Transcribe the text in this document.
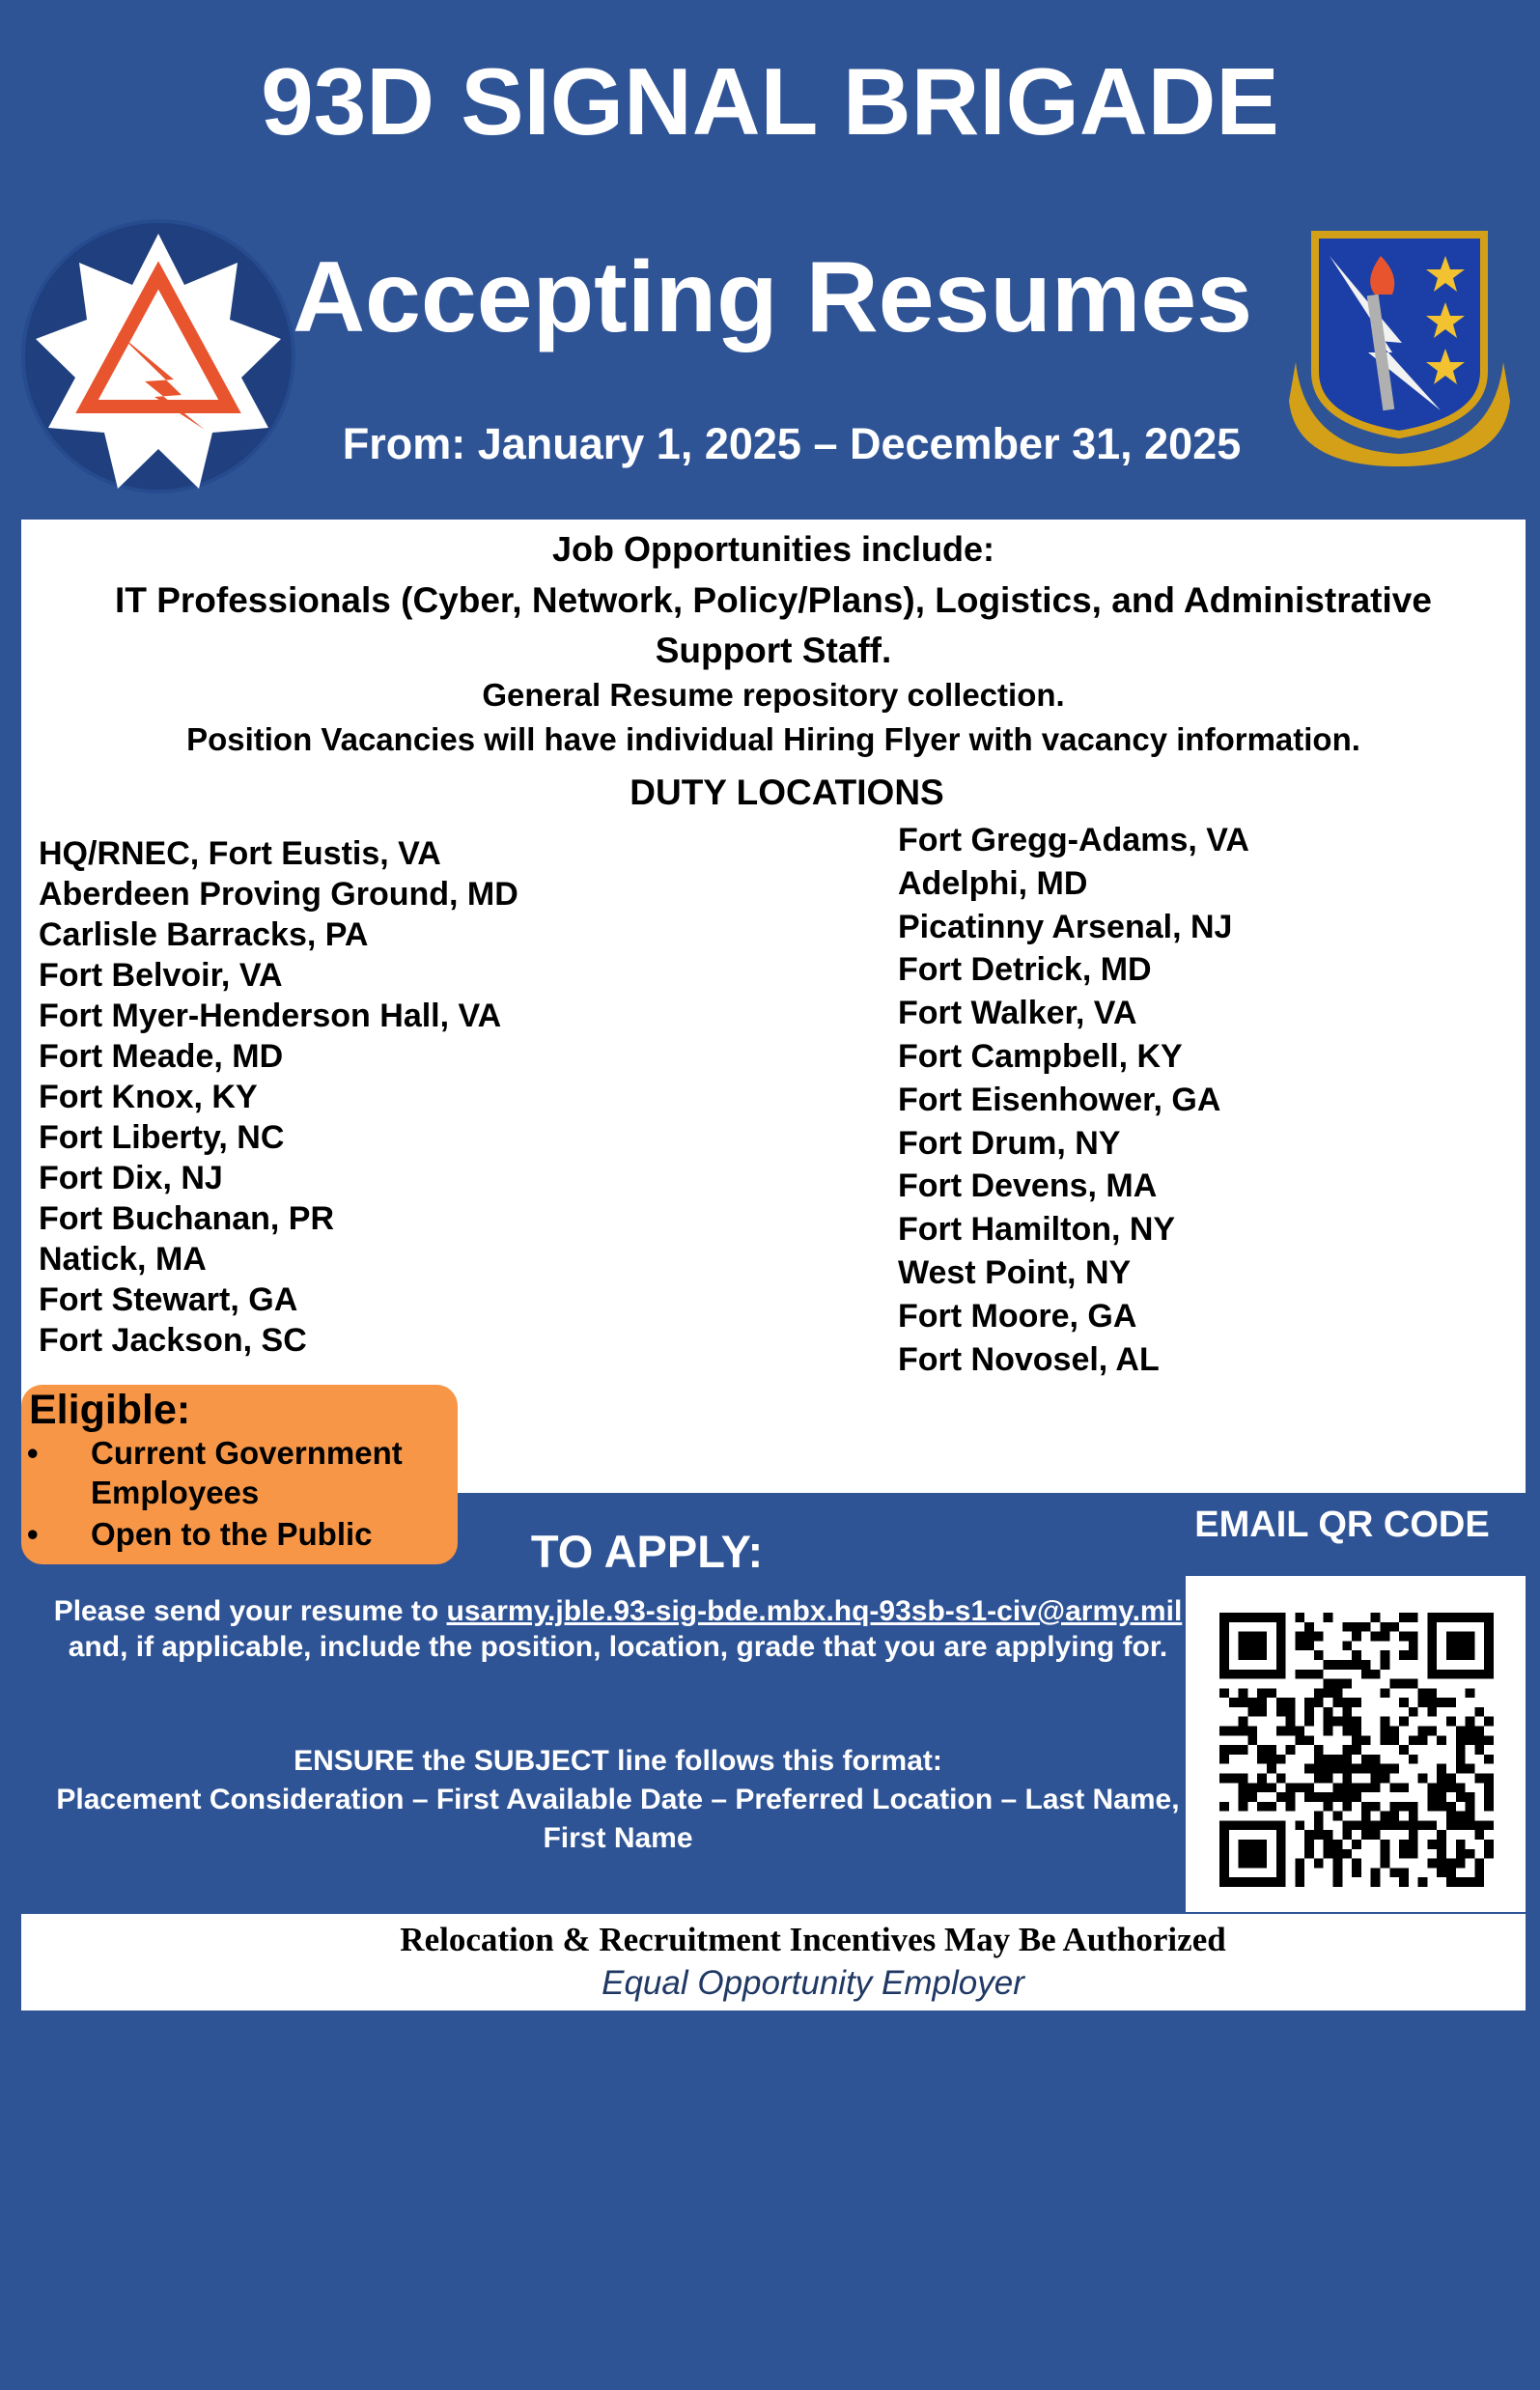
93D SIGNAL BRIGADE
Accepting Resumes
From: January 1, 2025 – December 31, 2025
Job Opportunities include:
IT Professionals (Cyber, Network, Policy/Plans), Logistics, and Administrative Support Staff.
General Resume repository collection.
Position Vacancies will have individual Hiring Flyer with vacancy information.
DUTY LOCATIONS
HQ/RNEC, Fort Eustis, VA
Aberdeen Proving Ground, MD
Carlisle Barracks, PA
Fort Belvoir, VA
Fort Myer-Henderson Hall, VA
Fort Meade, MD
Fort Knox, KY
Fort Liberty, NC
Fort Dix, NJ
Fort Buchanan, PR
Natick, MA
Fort Stewart, GA
Fort Jackson, SC
Fort Gregg-Adams, VA
Adelphi, MD
Picatinny Arsenal, NJ
Fort Detrick, MD
Fort Walker, VA
Fort Campbell, KY
Fort Eisenhower, GA
Fort Drum, NY
Fort Devens, MA
Fort Hamilton, NY
West Point, NY
Fort Moore, GA
Fort Novosel, AL
Eligible:
• Current Government Employees
• Open to the Public	TO APPLY:
Please send your resume to usarmy.jble.93-sig-bde.mbx.hq-93sb-s1-civ@army.mil and, if applicable, include the position, location, grade that you are applying for.
ENSURE the SUBJECT line follows this format:
Placement Consideration – First Available Date – Preferred Location – Last Name, First Name
EMAIL QR CODE
Relocation & Recruitment Incentives May Be Authorized
Equal Opportunity Employer
